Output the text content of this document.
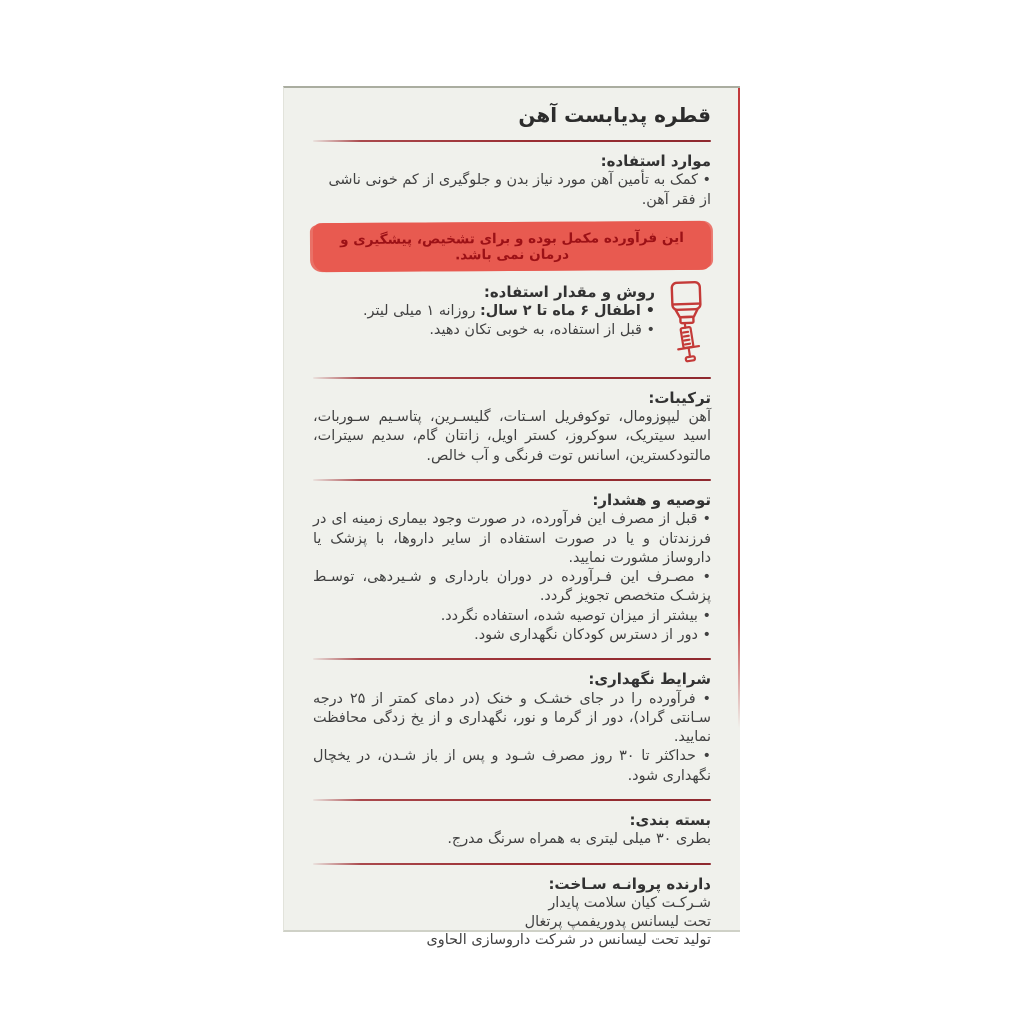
قطره پدیابست آهن
موارد استفاده:
• کمک به تأمین آهن مورد نیاز بدن و جلوگیری از کم خونی ناشی از فقر آهن.
این فرآورده مکمل بوده و برای تشخیص، پیشگیری و درمان نمی باشد.
روش و مقدار استفاده:
• اطفال ۶ ماه تا ۲ سال: روزانه ۱ میلی لیتر.
• قبل از استفاده، به خوبی تکان دهید.
ترکیبات:
آهن لیپوزومال، توکوفریل اسـتات، گلیسـرین، پتاسـیم سـوربات، اسید سیتریک، سوکروز، کستر اویل، زانتان گام، سدیم سیترات، مالتودکسترین، اسانس توت فرنگی و آب خالص.
توصیه و هشدار:
• قبل از مصرف این فرآورده، در صورت وجود بیماری زمینه ای در فرزندتان و یا در صورت استفاده از سایر داروها، با پزشک یا داروساز مشورت نمایید.
• مصـرف این فـرآورده در دوران بارداری و شـیردهی، توسـط پزشـک متخصص تجویز گردد.
• بیشتر از میزان توصیه شده، استفاده نگردد.
• دور از دسترس کودکان نگهداری شود.
شرایط نگهداری:
• فرآورده را در جای خشـک و خنک (در دمای کمتر از ۲۵ درجه سـانتی گراد)، دور از گرما و نور، نگهداری و از یخ زدگی محافظت نمایید.
• حداکثر تا ۳۰ روز مصرف شـود و پس از باز شـدن، در یخچال نگهداری شود.
بسته بندی:
بطری ۳۰ میلی لیتری به همراه سرنگ مدرج.
دارنده پروانـه سـاخت:
شـرکـت کیان سلامت پایدار
تحت لیسانس پدوریفمپ پرتغال
تولید تحت لیسانس در شرکت داروسازی الحاوی
